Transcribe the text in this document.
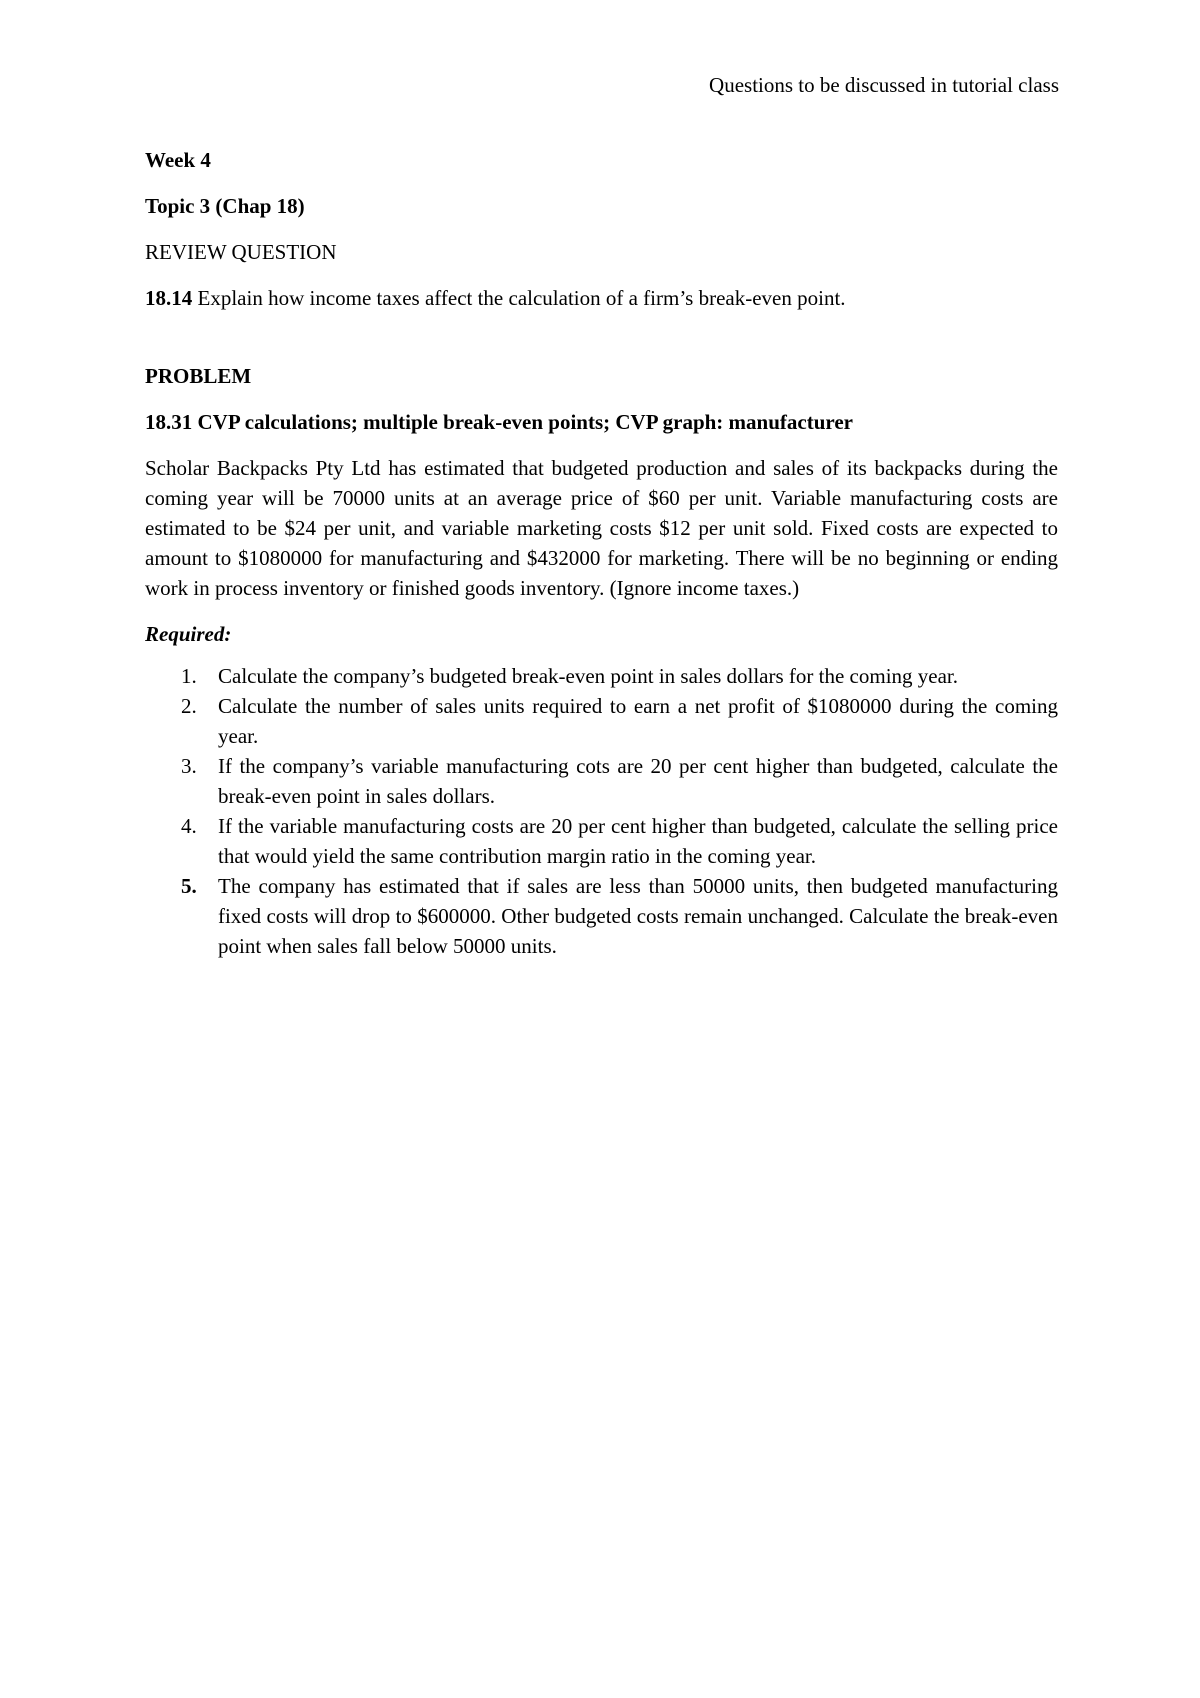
Questions to be discussed in tutorial class
Week 4
Topic 3 (Chap 18)
REVIEW QUESTION
18.14 Explain how income taxes affect the calculation of a firm’s break-even point.
PROBLEM
18.31 CVP calculations; multiple break-even points; CVP graph: manufacturer
Scholar Backpacks Pty Ltd has estimated that budgeted production and sales of its backpacks during the coming year will be 70000 units at an average price of $60 per unit. Variable manufacturing costs are estimated to be $24 per unit, and variable marketing costs $12 per unit sold. Fixed costs are expected to amount to $1080000 for manufacturing and $432000 for marketing. There will be no beginning or ending work in process inventory or finished goods inventory. (Ignore income taxes.)
Required:
1.	Calculate the company’s budgeted break-even point in sales dollars for the coming year.
2.	Calculate the number of sales units required to earn a net profit of $1080000 during the coming year.
3.	If the company’s variable manufacturing cots are 20 per cent higher than budgeted, calculate the break-even point in sales dollars.
4.	If the variable manufacturing costs are 20 per cent higher than budgeted, calculate the selling price that would yield the same contribution margin ratio in the coming year.
5.	The company has estimated that if sales are less than 50000 units, then budgeted manufacturing fixed costs will drop to $600000. Other budgeted costs remain unchanged. Calculate the break-even point when sales fall below 50000 units.
